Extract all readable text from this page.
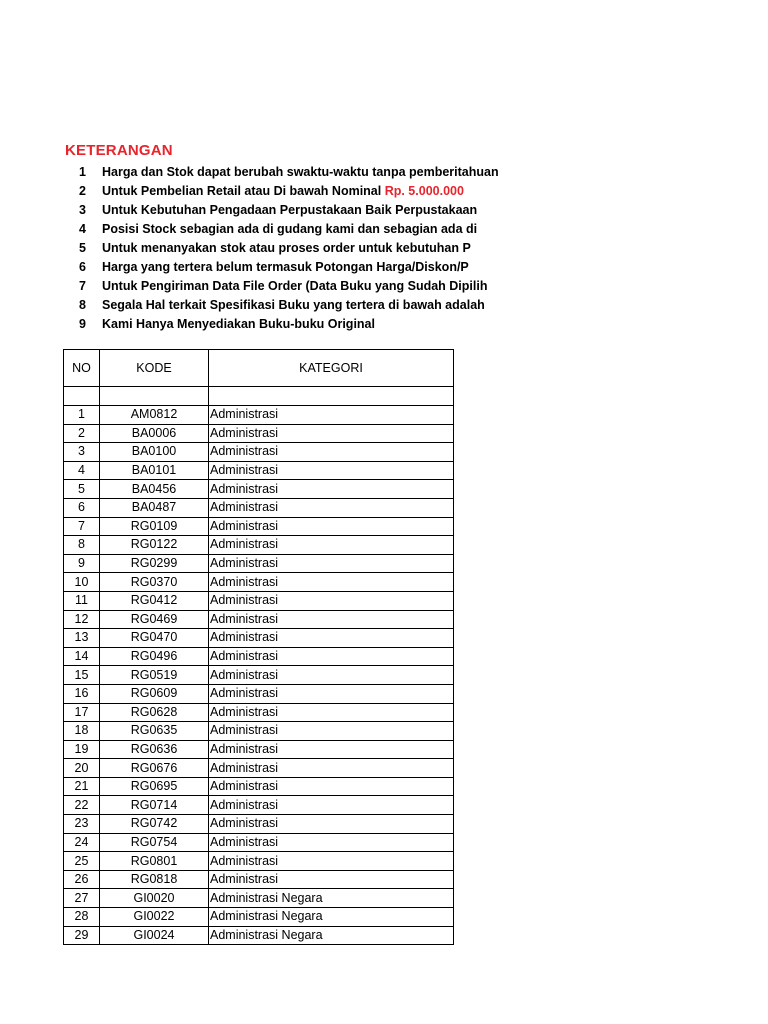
KETERANGAN
1 Harga dan Stok dapat berubah swaktu-waktu tanpa pemberitahuan
2 Untuk Pembelian Retail atau Di bawah Nominal Rp. 5.000.000
3 Untuk Kebutuhan Pengadaan Perpustakaan Baik Perpustakaan
4 Posisi Stock sebagian ada di gudang kami dan sebagian ada di
5 Untuk menanyakan stok atau proses order untuk kebutuhan P
6 Harga yang tertera belum termasuk Potongan Harga/Diskon/P
7 Untuk Pengiriman Data File Order (Data Buku yang Sudah Dipilih
8 Segala Hal terkait Spesifikasi Buku yang tertera di bawah adalah
9 Kami Hanya Menyediakan Buku-buku Original
NO	KODE	KATEGORI

1	AM0812	Administrasi
2	BA0006	Administrasi
3	BA0100	Administrasi
4	BA0101	Administrasi
5	BA0456	Administrasi
6	BA0487	Administrasi
7	RG0109	Administrasi
8	RG0122	Administrasi
9	RG0299	Administrasi
10	RG0370	Administrasi
11	RG0412	Administrasi
12	RG0469	Administrasi
13	RG0470	Administrasi
14	RG0496	Administrasi
15	RG0519	Administrasi
16	RG0609	Administrasi
17	RG0628	Administrasi
18	RG0635	Administrasi
19	RG0636	Administrasi
20	RG0676	Administrasi
21	RG0695	Administrasi
22	RG0714	Administrasi
23	RG0742	Administrasi
24	RG0754	Administrasi
25	RG0801	Administrasi
26	RG0818	Administrasi
27	GI0020	Administrasi Negara
28	GI0022	Administrasi Negara
29	GI0024	Administrasi Negara
